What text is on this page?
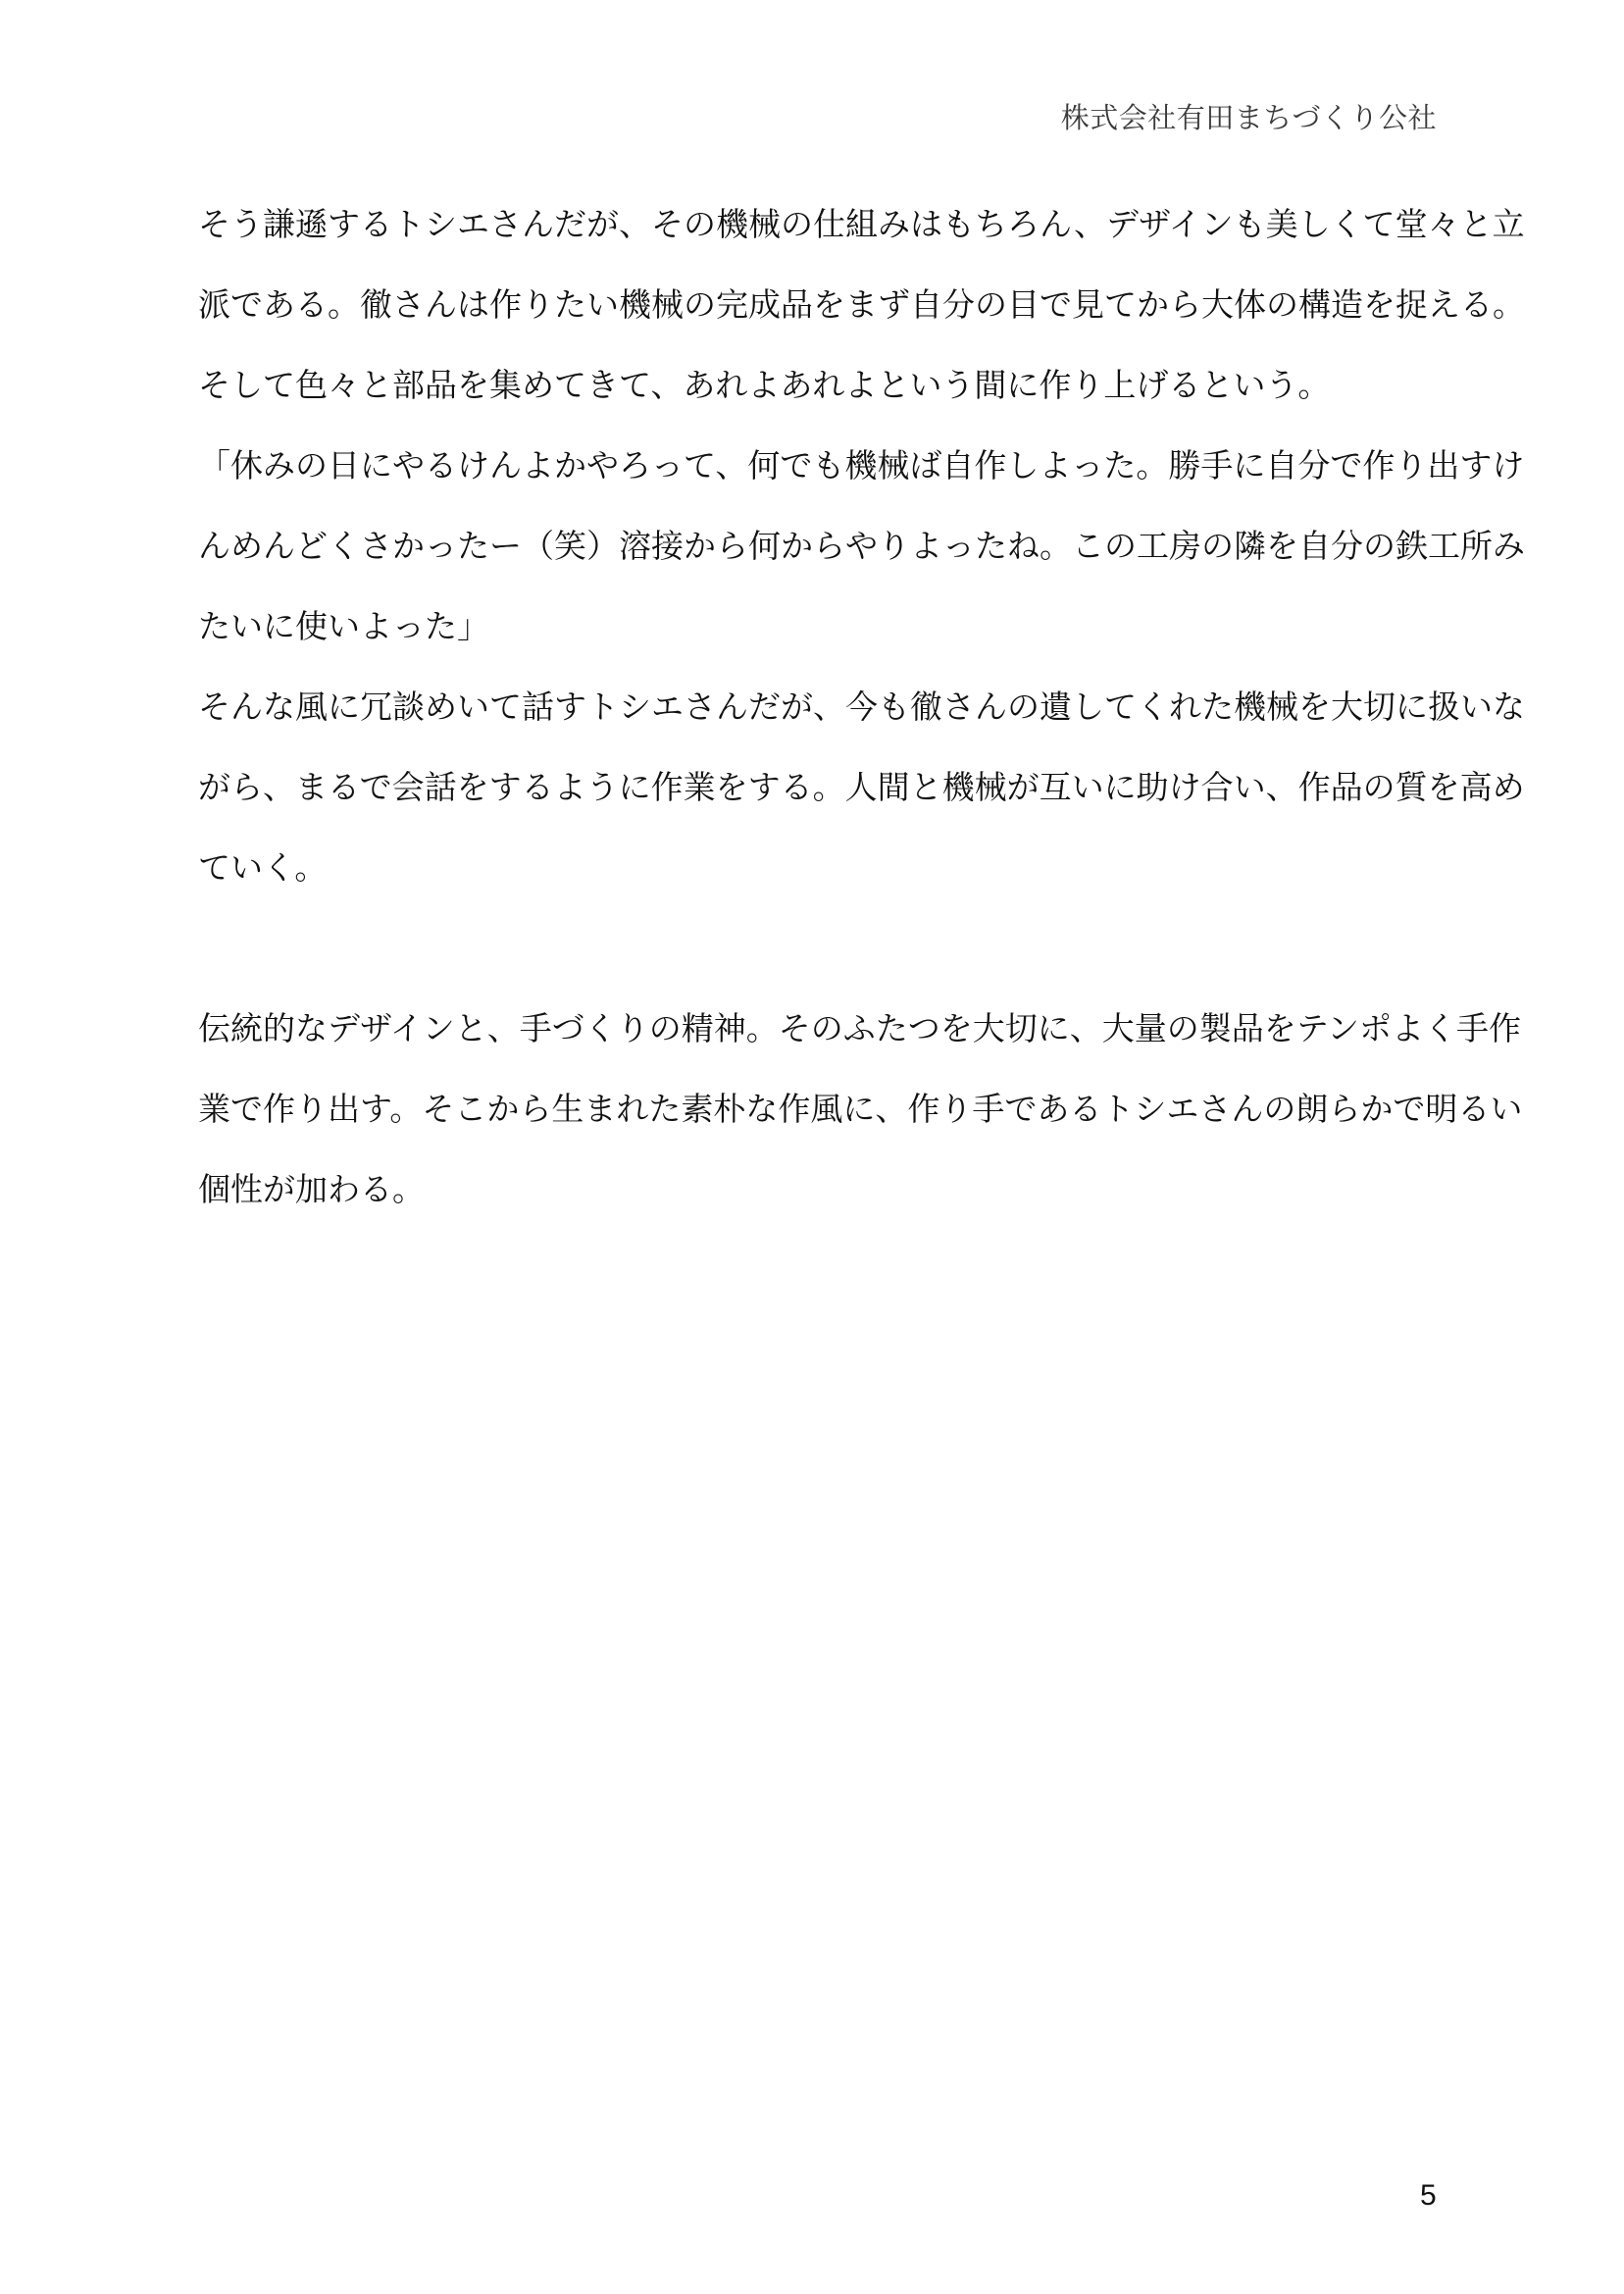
株式会社有田まちづくり公社
そう謙遜するトシエさんだが、その機械の仕組みはもちろん、デザインも美しくて堂々と立
派である。徹さんは作りたい機械の完成品をまず自分の目で見てから大体の構造を捉える。
そして色々と部品を集めてきて、あれよあれよという間に作り上げるという。
「休みの日にやるけんよかやろって、何でも機械ば自作しよった。勝手に自分で作り出すけ
んめんどくさかったー（笑）溶接から何からやりよったね。この工房の隣を自分の鉄工所み
たいに使いよった」
そんな風に冗談めいて話すトシエさんだが、今も徹さんの遺してくれた機械を大切に扱いな
がら、まるで会話をするように作業をする。人間と機械が互いに助け合い、作品の質を高め
ていく。
伝統的なデザインと、手づくりの精神。そのふたつを大切に、大量の製品をテンポよく手作
業で作り出す。そこから生まれた素朴な作風に、作り手であるトシエさんの朗らかで明るい
個性が加わる。
5
